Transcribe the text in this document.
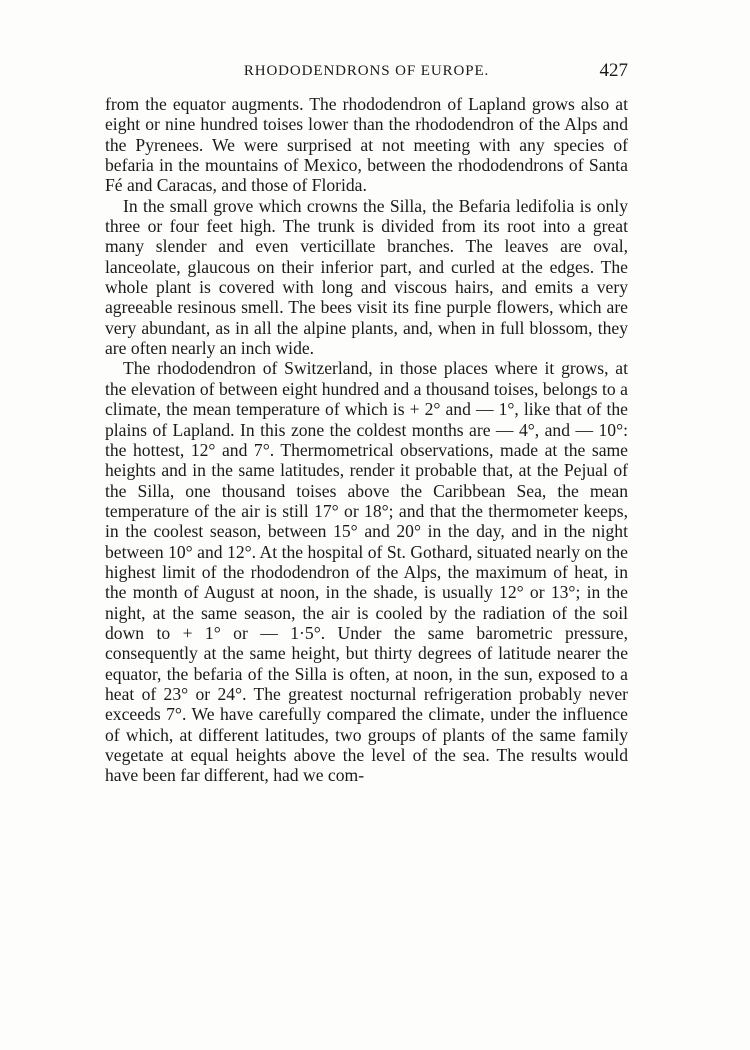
RHODODENDRONS OF EUROPE.	427

from the equator augments. The rhododendron of Lapland grows also at eight or nine hundred toises lower than the rhododendron of the Alps and the Pyrenees. We were surprised at not meeting with any species of befaria in the mountains of Mexico, between the rhododendrons of Santa Fé and Caracas, and those of Florida.

In the small grove which crowns the Silla, the Befaria ledifolia is only three or four feet high. The trunk is divided from its root into a great many slender and even verticillate branches. The leaves are oval, lanceolate, glaucous on their inferior part, and curled at the edges. The whole plant is covered with long and viscous hairs, and emits a very agreeable resinous smell. The bees visit its fine purple flowers, which are very abundant, as in all the alpine plants, and, when in full blossom, they are often nearly an inch wide.

The rhododendron of Switzerland, in those places where it grows, at the elevation of between eight hundred and a thousand toises, belongs to a climate, the mean temperature of which is + 2° and — 1°, like that of the plains of Lapland. In this zone the coldest months are — 4°, and — 10°: the hottest, 12° and 7°. Thermometrical observations, made at the same heights and in the same latitudes, render it probable that, at the Pejual of the Silla, one thousand toises above the Caribbean Sea, the mean temperature of the air is still 17° or 18°; and that the thermometer keeps, in the coolest season, between 15° and 20° in the day, and in the night between 10° and 12°. At the hospital of St. Gothard, situated nearly on the highest limit of the rhododendron of the Alps, the maximum of heat, in the month of August at noon, in the shade, is usually 12° or 13°; in the night, at the same season, the air is cooled by the radiation of the soil down to + 1° or — 1·5°. Under the same barometric pressure, consequently at the same height, but thirty degrees of latitude nearer the equator, the befaria of the Silla is often, at noon, in the sun, exposed to a heat of 23° or 24°. The greatest nocturnal refrigeration probably never exceeds 7°. We have carefully compared the climate, under the influence of which, at different latitudes, two groups of plants of the same family vegetate at equal heights above the level of the sea. The results would have been far different, had we com-
